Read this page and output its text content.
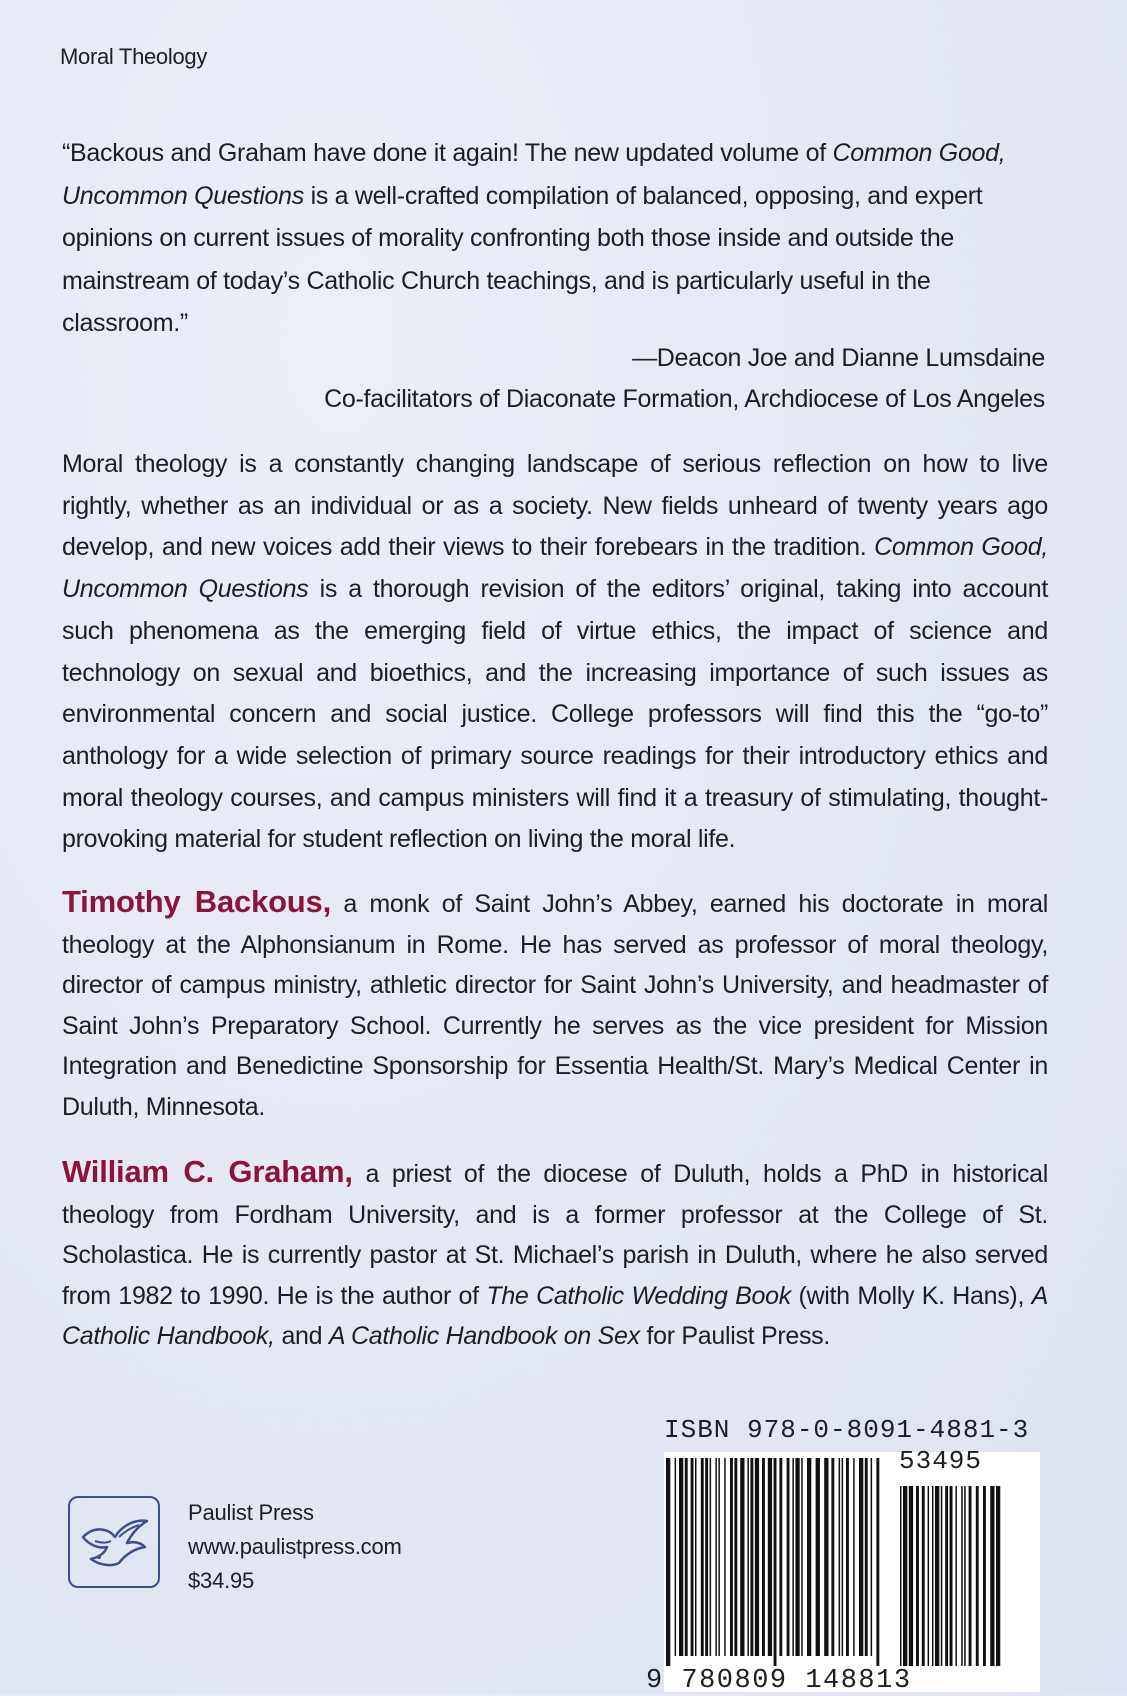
Moral Theology

“Backous and Graham have done it again! The new updated volume of Common Good, Uncommon Questions is a well-crafted compilation of balanced, opposing, and expert opinions on current issues of morality confronting both those inside and outside the mainstream of today’s Catholic Church teachings, and is particularly useful in the classroom.”

—Deacon Joe and Dianne Lumsdaine
Co-facilitators of Diaconate Formation, Archdiocese of Los Angeles
Moral theology is a constantly changing landscape of serious reflection on how to live rightly, whether as an individual or as a society. New fields unheard of twenty years ago develop, and new voices add their views to their forebears in the tradition. Common Good, Uncommon Questions is a thorough revision of the editors’ original, taking into account such phenomena as the emerging field of virtue ethics, the impact of science and technology on sexual and bioethics, and the increasing importance of such issues as environmental concern and social justice. College professors will find this the “go-to” anthology for a wide selection of primary source readings for their introductory ethics and moral theology courses, and campus ministers will find it a treasury of stimulating, thought-provoking material for student reflection on living the moral life.
Timothy Backous, a monk of Saint John’s Abbey, earned his doctorate in moral theology at the Alphonsianum in Rome. He has served as professor of moral theology, director of campus ministry, athletic director for Saint John’s University, and headmaster of Saint John’s Preparatory School. Currently he serves as the vice president for Mission Integration and Benedictine Sponsorship for Essentia Health/St. Mary’s Medical Center in Duluth, Minnesota.
William C. Graham, a priest of the diocese of Duluth, holds a PhD in historical theology from Fordham University, and is a former professor at the College of St. Scholastica. He is currently pastor at St. Michael’s parish in Duluth, where he also served from 1982 to 1990. He is the author of The Catholic Wedding Book (with Molly K. Hans), A Catholic Handbook, and A Catholic Handbook on Sex for Paulist Press.
Paulist Press
www.paulistpress.com
$34.95
ISBN 978-0-8091-4881-3
53495
9 780809 148813
